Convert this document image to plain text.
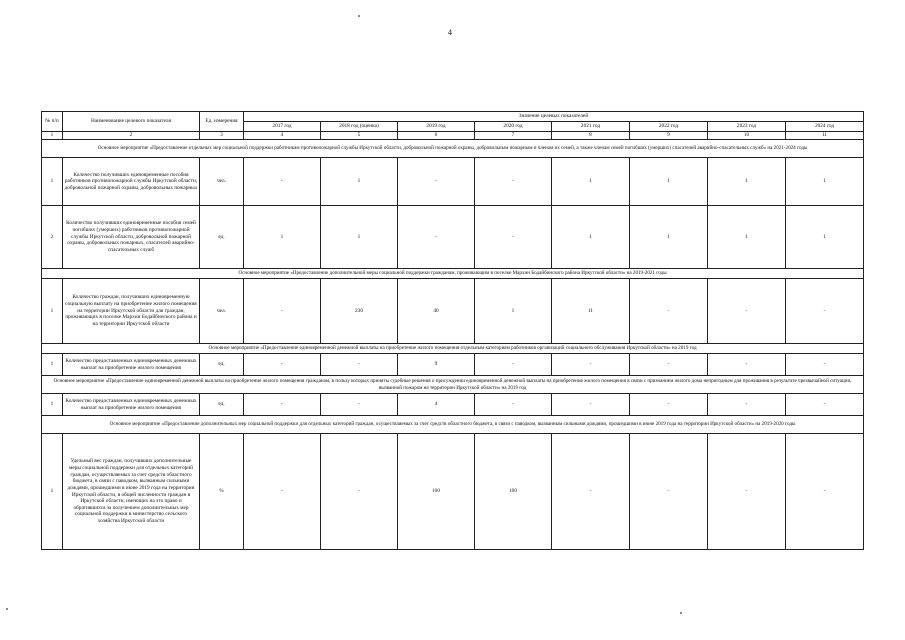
4
№ п/п	Наименование целевого показателя	Ед. измерения	Значение целевых показателей							
			2017 год	2018 год (оценка)	2019 год	2020 год	2021 год	2022 год	2023 год	2024 год
1	2	3	4	5	6	7	8	9	10	11
Основное мероприятие «Предоставление отдельных мер социальной поддержки работникам противопожарной службы Иркутской области, добровольной пожарной охраны, добровольным пожарным и членам их семей, а также членам семей погибших (умерших) спасателей аварийно-спасательных служб» на 2021-2024 годы										
1	Количество получивших единовременные пособия работников противопожарной службы Иркутской области, добровольной пожарной охраны, добровольных пожарных	чел.	-	1	-	-	1	1	1	1
2	Количество получивших единовременные пособия семей погибших (умерших) работников противопожарной службы Иркутской области, добровольной пожарной охраны, добровольных пожарных, спасателей аварийно-спасательных служб	ед.	1	1	-	-	1	1	1	1
Основное мероприятие «Предоставление дополнительной меры социальной поддержки гражданам, проживающим в поселке Мархин Бодайбинского района Иркутской области» на 2019-2021 годы										
1	Количество граждан, получивших единовременную социальную выплату на приобретение жилого помещения на территории Иркутской области для граждан, проживающих в поселке Мархин Бодайбинского района и на территории Иркутской области	чел.	-	230	40	1	11	-	-	-
Основное мероприятие «Предоставление единовременной денежной выплаты на приобретение жилого помещения отдельным категориям работников организаций социального обслуживания Иркутской области» на 2019 год										
1	Количество предоставленных единовременных денежных выплат на приобретение жилого помещения	ед.	-	-	9	-	-	-	-	-
Основное мероприятие «Предоставление единовременной денежной выплаты на приобретение жилого помещения гражданам, в пользу которых приняты судебные решения о присуждении единовременной денежной выплаты на приобретение жилого помещения в связи с признанием жилого дома непригодным для проживания в результате чрезвычайной ситуации, вызванной пожаром на территории Иркутской области» на 2019 год										
1	Количество предоставленных единовременных денежных выплат на приобретение жилого помещения	ед.	-	-	4	-	-	-	-	-
Основное мероприятие «Предоставление дополнительных мер социальной поддержки для отдельных категорий граждан, осуществляемых за счет средств областного бюджета, в связи с паводком, вызванным сильными дождями, прошедшими в июне 2019 года на территории Иркутской области» на 2019-2020 годы										
1	Удельный вес граждан, получивших дополнительные меры социальной поддержки для отдельных категорий граждан, осуществляемых за счет средств областного бюджета, в связи с паводком, вызванным сильными дождями, прошедшими в июне 2019 года на территории Иркутской области, в общей численности граждан в Иркутской области, имеющих на это право и обратившихся за получением дополнительных мер социальной поддержки в министерство сельского хозяйства Иркутской области	%	-	-	100	100	-	-	-	-
